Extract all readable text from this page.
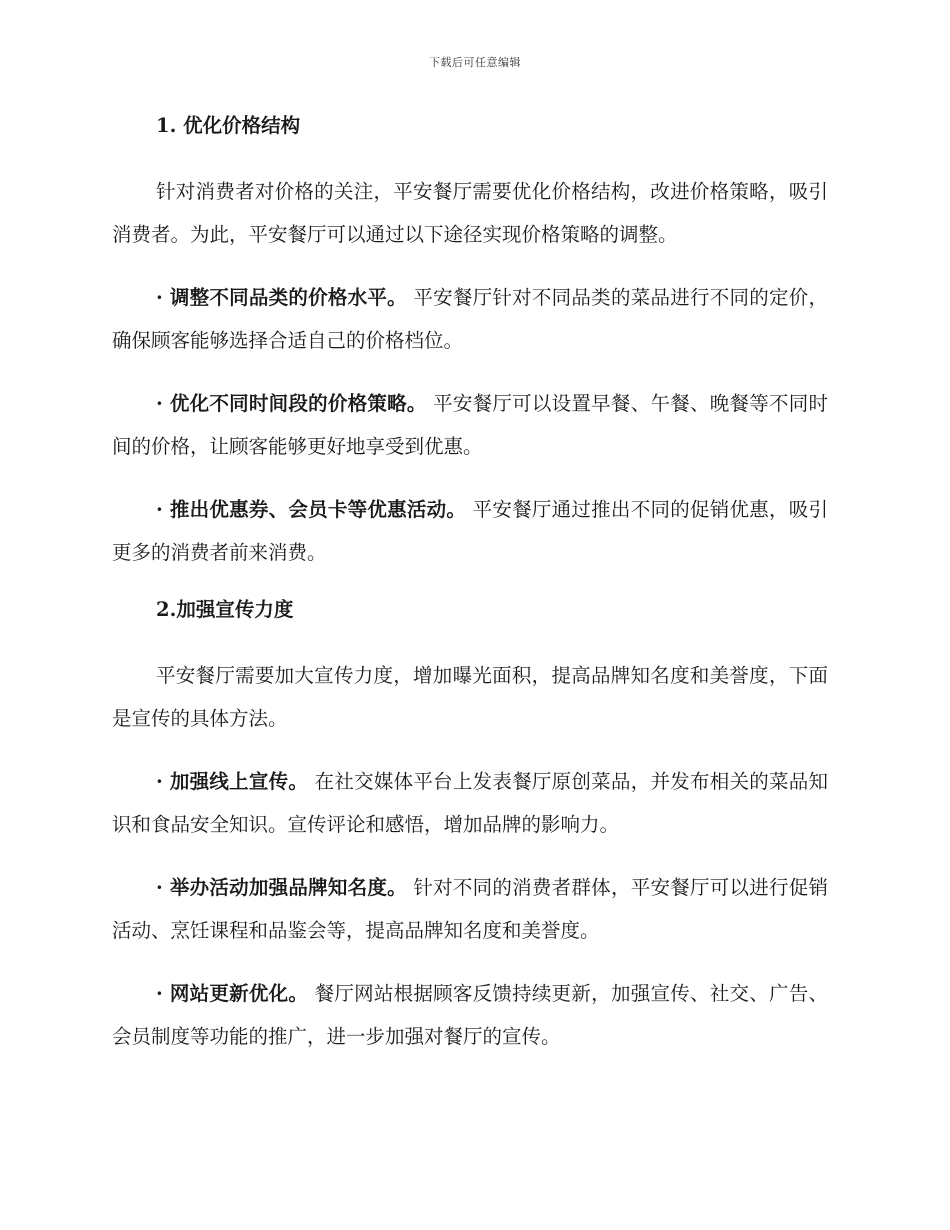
下载后可任意编辑
1. 优化价格结构

针对消费者对价格的关注，平安餐厅需要优化价格结构，改进价格策略，吸引消费者。为此，平安餐厅可以通过以下途径实现价格策略的调整。

· 调整不同品类的价格水平。 平安餐厅针对不同品类的菜品进行不同的定价，确保顾客能够选择合适自己的价格档位。

· 优化不同时间段的价格策略。 平安餐厅可以设置早餐、午餐、晚餐等不同时间的价格，让顾客能够更好地享受到优惠。

· 推出优惠券、会员卡等优惠活动。 平安餐厅通过推出不同的促销优惠，吸引更多的消费者前来消费。

2.加强宣传力度

平安餐厅需要加大宣传力度，增加曝光面积，提高品牌知名度和美誉度，下面是宣传的具体方法。

· 加强线上宣传。 在社交媒体平台上发表餐厅原创菜品，并发布相关的菜品知识和食品安全知识。宣传评论和感悟，增加品牌的影响力。

· 举办活动加强品牌知名度。 针对不同的消费者群体，平安餐厅可以进行促销活动、烹饪课程和品鉴会等，提高品牌知名度和美誉度。

· 网站更新优化。 餐厅网站根据顾客反馈持续更新，加强宣传、社交、广告、会员制度等功能的推广，进一步加强对餐厅的宣传。
